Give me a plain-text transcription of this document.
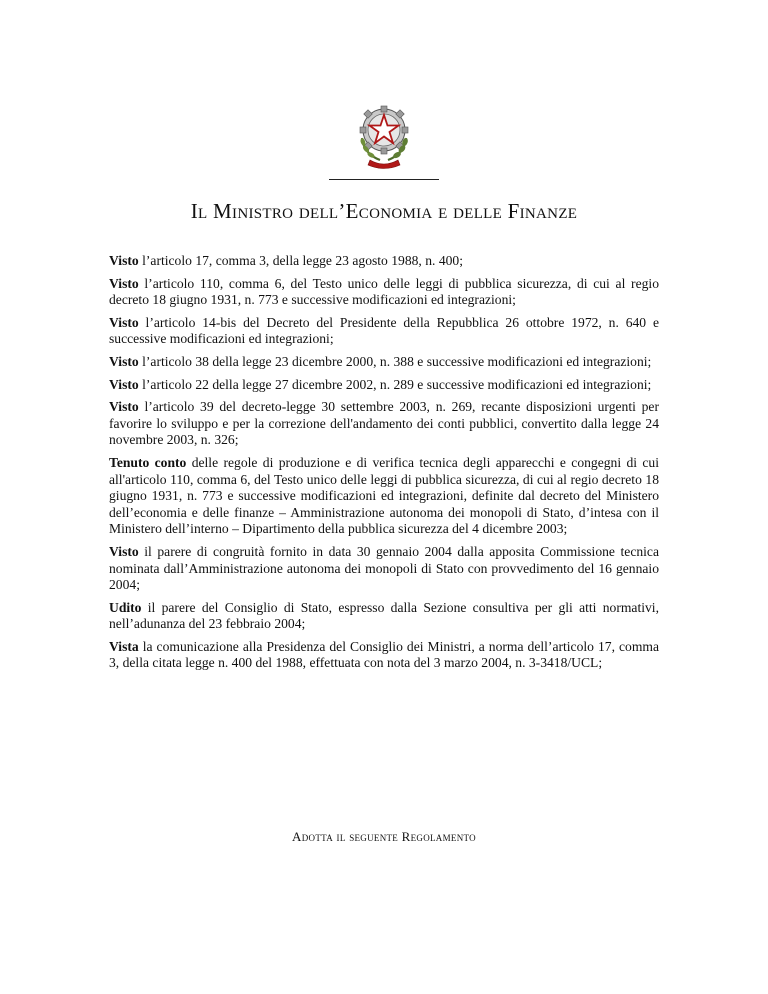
Il Ministro dell’Economia e delle Finanze

Visto l’articolo 17, comma 3, della legge 23 agosto 1988, n. 400;

Visto l’articolo 110, comma 6, del Testo unico delle leggi di pubblica sicurezza, di cui al regio decreto 18 giugno 1931, n. 773 e successive modificazioni ed integrazioni;

Visto l’articolo 14-bis del Decreto del Presidente della Repubblica 26 ottobre 1972, n. 640 e successive modificazioni ed integrazioni;

Visto l’articolo 38 della legge 23 dicembre 2000, n. 388 e successive modificazioni ed integrazioni;

Visto l’articolo 22 della legge 27 dicembre 2002, n. 289 e successive modificazioni ed integrazioni;

Visto l’articolo 39 del decreto-legge 30 settembre 2003, n. 269, recante disposizioni urgenti per favorire lo sviluppo e per la correzione dell'andamento dei conti pubblici, convertito dalla legge 24 novembre 2003, n. 326;

Tenuto conto delle regole di produzione e di verifica tecnica degli apparecchi e congegni di cui all'articolo 110, comma 6, del Testo unico delle leggi di pubblica sicurezza, di cui al regio decreto 18 giugno 1931, n. 773 e successive modificazioni ed integrazioni, definite dal decreto del Ministero dell’economia e delle finanze – Amministrazione autonoma dei monopoli di Stato, d’intesa con il Ministero dell’interno – Dipartimento della pubblica sicurezza del 4 dicembre 2003;

Visto il parere di congruità fornito in data 30 gennaio 2004 dalla apposita Commissione tecnica nominata dall’Amministrazione autonoma dei monopoli di Stato con provvedimento del 16 gennaio 2004;

Udito il parere del Consiglio di Stato, espresso dalla Sezione consultiva per gli atti normativi, nell’adunanza del 23 febbraio 2004;

Vista la comunicazione alla Presidenza del Consiglio dei Ministri, a norma dell’articolo 17, comma 3, della citata legge n. 400 del 1988, effettuata con nota del 3 marzo 2004, n. 3-3418/UCL;

Adotta il seguente Regolamento
